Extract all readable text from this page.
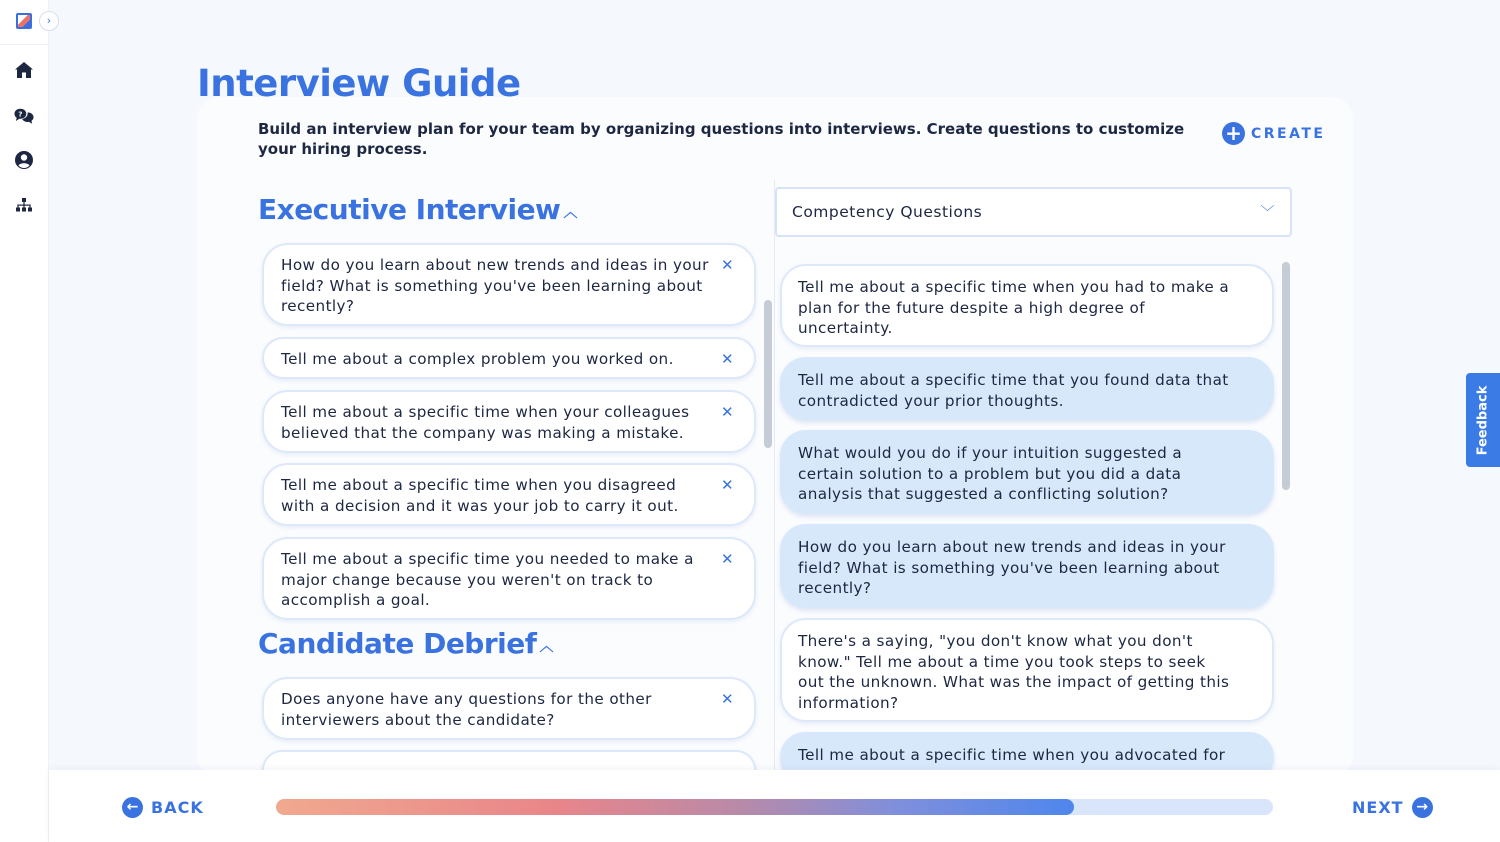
?
›
Interview Guide

Build an interview plan for your team by organizing questions into interviews. Create questions to customize your hiring process.

+ CREATE
Executive Interview ︿
How do you learn about new trends and ideas in your field? What is something you've been learning about recently?
✕
Tell me about a complex problem you worked on.	✕
Tell me about a specific time when your colleagues believed that the company was making a mistake.
✕
Tell me about a specific time when you disagreed with a decision and it was your job to carry it out.
✕
Tell me about a specific time you needed to make a major change because you weren't on track to accomplish a goal.
✕
Candidate Debrief ︿
Does anyone have any questions for the other interviewers about the candidate?
✕
Competency Questions	﹀
Tell me about a specific time when you had to make a plan for the future despite a high degree of uncertainty.
Tell me about a specific time that you found data that contradicted your prior thoughts.
What would you do if your intuition suggested a certain solution to a problem but you did a data analysis that suggested a conflicting solution?
How do you learn about new trends and ideas in your field? What is something you've been learning about recently?
There's a saying, "you don't know what you don't know." Tell me about a time you took steps to seek out the unknown. What was the impact of getting this information?
Tell me about a specific time when you advocated for
Feedback
← BACK	NEXT →
